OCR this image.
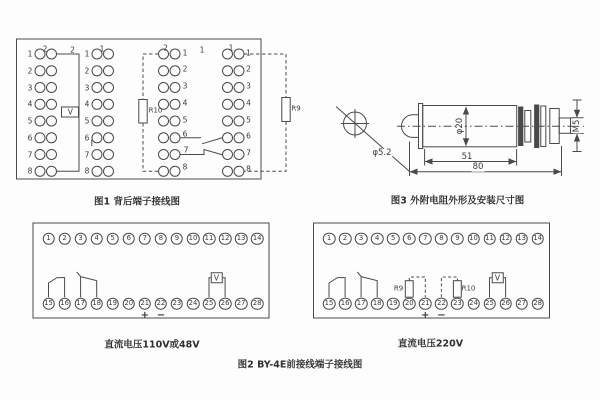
1
2
3
4
5
6
7
8
1
2
3
4
5
6
7
8
1
2
3
4
5
6
7
8
1
2
3
4
5
6
7
8
2	2	1	2	1	1
R10	R9
V
图1 背后端子接线图
φ5.2
φ20
51
80
M5
图3 外附电阻外形及安装尺寸图
1	2	3	4	5	6	7	8	9	10 11 12 13 14
15 16 17 18 19 20 21 22 23 24 25 26 27 28
V
+ −
直流电压110V或48V
1	2	3	4	5	6	7	8	9	10 11 12 13 14
15 16 17 18 19 20 21 22 23 24 25 26 27 28
R9	R10
V
+ −
直流电压220V
图2 BY-4E前接线端子接线图
